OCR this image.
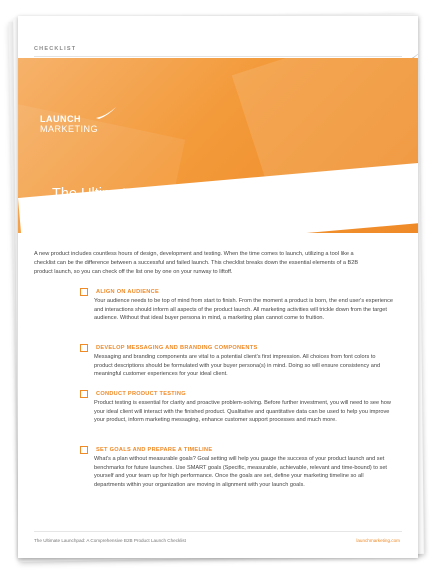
CHECKLIST
LAUNCH
MARKETING
A new product includes countless hours of design, development and testing. When the time comes to launch, utilizing a tool like a checklist can be the difference between a successful and failed launch. This checklist breaks down the essential elements of a B2B product launch, so you can check off the list one by one on your runway to liftoff.
ALIGN ON AUDIENCE
Your audience needs to be top of mind from start to finish. From the moment a product is born, the end user's experience and interactions should inform all aspects of the product launch. All marketing activities will trickle down from the target audience. Without that ideal buyer persona in mind, a marketing plan cannot come to fruition.
DEVELOP MESSAGING AND BRANDING COMPONENTS
Messaging and branding components are vital to a potential client's first impression. All choices from font colors to product descriptions should be formulated with your buyer persona(s) in mind. Doing so will ensure consistency and meaningful customer experiences for your ideal client.
CONDUCT PRODUCT TESTING
Product testing is essential for clarity and proactive problem-solving. Before further investment, you will need to see how your ideal client will interact with the finished product. Qualitative and quantitative data can be used to help you improve your product, inform marketing messaging, enhance customer support processes and much more.
SET GOALS AND PREPARE A TIMELINE
What's a plan without measurable goals? Goal setting will help you gauge the success of your product launch and set benchmarks for future launches. Use SMART goals (Specific, measurable, achievable, relevant and time-bound) to set yourself and your team up for high performance. Once the goals are set, define your marketing timeline so all departments within your organization are moving in alignment with your launch goals.
The Ultimate Launchpad: A Comprehensive B2B Product Launch Checklist	launchmarketing.com
